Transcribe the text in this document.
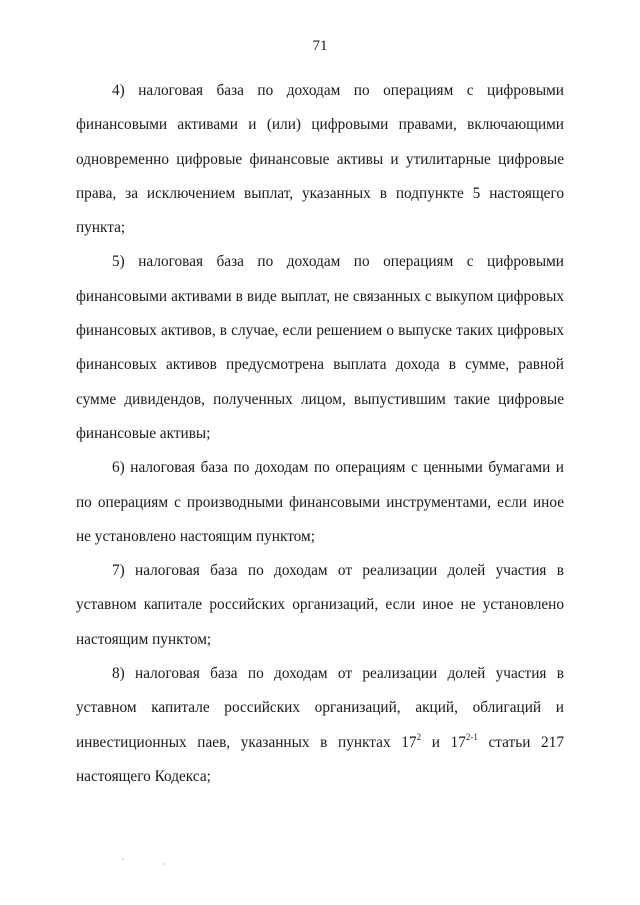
71

4) налоговая база по доходам по операциям с цифровыми финансовыми активами и (или) цифровыми правами, включающими одновременно цифровые финансовые активы и утилитарные цифровые права, за исключением выплат, указанных в подпункте 5 настоящего пункта;

5) налоговая база по доходам по операциям с цифровыми финансовыми активами в виде выплат, не связанных с выкупом цифровых финансовых активов, в случае, если решением о выпуске таких цифровых финансовых активов предусмотрена выплата дохода в сумме, равной сумме дивидендов, полученных лицом, выпустившим такие цифровые финансовые активы;

6) налоговая база по доходам по операциям с ценными бумагами и по операциям с производными финансовыми инструментами, если иное не установлено настоящим пунктом;

7) налоговая база по доходам от реализации долей участия в уставном капитале российских организаций, если иное не установлено настоящим пунктом;

8) налоговая база по доходам от реализации долей участия в уставном капитале российских организаций, акций, облигаций и инвестиционных паев, указанных в пунктах $17^2$ и 17$^{2-1}$ статьи 217 настоящего Кодекса;
